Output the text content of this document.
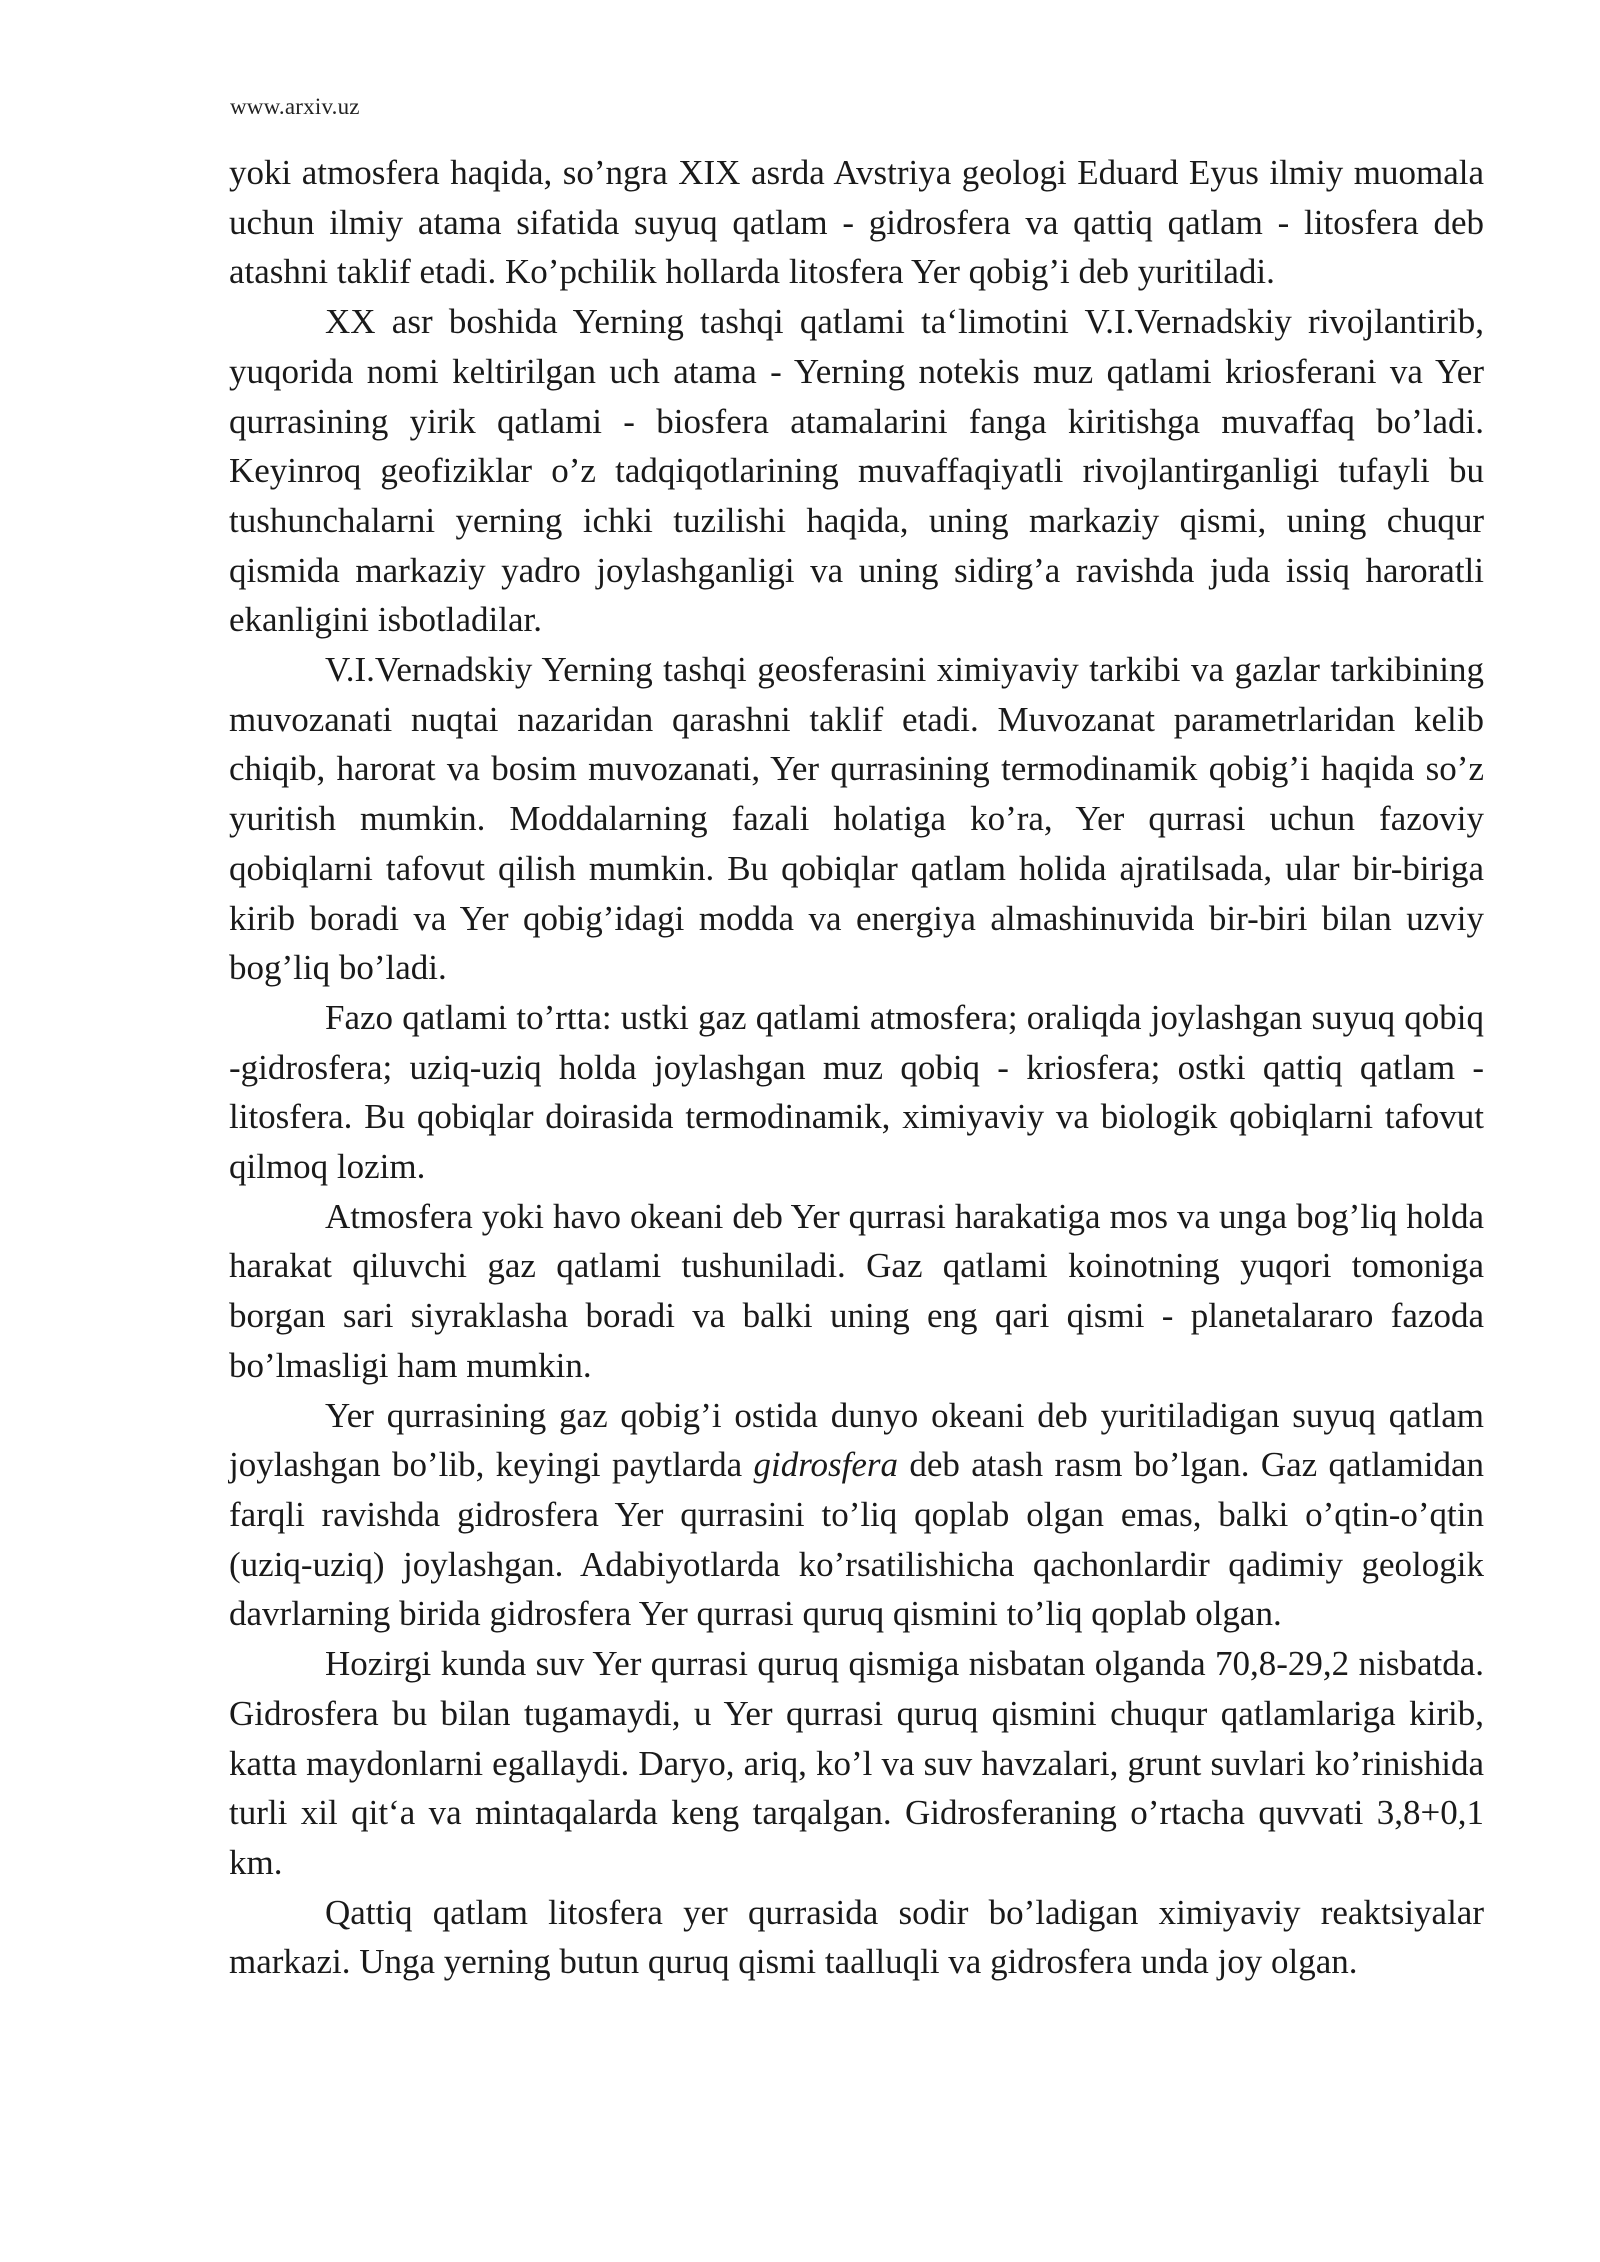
www.arxiv.uz

yoki atmosfera haqida, so’ngra XIX asrda Avstriya geologi Eduard Eyus ilmiy muomala uchun ilmiy atama sifatida suyuq qatlam - gidrosfera va qattiq qatlam - litosfera deb atashni taklif etadi. Ko’pchilik hollarda litosfera Yer qobig’i deb yuritiladi.

XX asr boshida Yerning tashqi qatlami ta‘limotini V.I.Vernadskiy rivojlantirib, yuqorida nomi keltirilgan uch atama - Yerning notekis muz qatlami kriosferani va Yer qurrasining yirik qatlami - biosfera atamalarini fanga kiritishga muvaffaq bo’ladi. Keyinroq geofiziklar o’z tadqiqotlarining muvaffaqiyatli rivojlantirganligi tufayli bu tushunchalarni yerning ichki tuzilishi haqida, uning markaziy qismi, uning chuqur qismida markaziy yadro joylashganligi va uning sidirg’a ravishda juda issiq haroratli ekanligini isbotladilar.

V.I.Vernadskiy Yerning tashqi geosferasini ximiyaviy tarkibi va gazlar tarkibining muvozanati nuqtai nazaridan qarashni taklif etadi. Muvozanat parametrlaridan kelib chiqib, harorat va bosim muvozanati, Yer qurrasining termodinamik qobig’i haqida so’z yuritish mumkin. Moddalarning fazali holatiga ko’ra, Yer qurrasi uchun fazoviy qobiqlarni tafovut qilish mumkin. Bu qobiqlar qatlam holida ajratilsada, ular bir-biriga kirib boradi va Yer qobig’idagi modda va energiya almashinuvida bir-biri bilan uzviy bog’liq bo’ladi.

Fazo qatlami to’rtta: ustki gaz qatlami atmosfera; oraliqda joylashgan suyuq qobiq -gidrosfera; uziq-uziq holda joylashgan muz qobiq - kriosfera; ostki qattiq qatlam - litosfera. Bu qobiqlar doirasida termodinamik, ximiyaviy va biologik qobiqlarni tafovut qilmoq lozim.

Atmosfera yoki havo okeani deb Yer qurrasi harakatiga mos va unga bog’liq holda harakat qiluvchi gaz qatlami tushuniladi. Gaz qatlami koinotning yuqori tomoniga borgan sari siyraklasha boradi va balki uning eng qari qismi - planetalararo fazoda bo’lmasligi ham mumkin.

Yer qurrasining gaz qobig’i ostida dunyo okeani deb yuritiladigan suyuq qatlam joylashgan bo’lib, keyingi paytlarda gidrosfera deb atash rasm bo’lgan. Gaz qatlamidan farqli ravishda gidrosfera Yer qurrasini to’liq qoplab olgan emas, balki o’qtin-o’qtin (uziq-uziq) joylashgan. Adabiyotlarda ko’rsatilishicha qachonlardir qadimiy geologik davrlarning birida gidrosfera Yer qurrasi quruq qismini to’liq qoplab olgan.

Hozirgi kunda suv Yer qurrasi quruq qismiga nisbatan olganda 70,8-29,2 nisbatda. Gidrosfera bu bilan tugamaydi, u Yer qurrasi quruq qismini chuqur qatlamlariga kirib, katta maydonlarni egallaydi. Daryo, ariq, ko’l va suv havzalari, grunt suvlari ko’rinishida turli xil qit‘a va mintaqalarda keng tarqalgan. Gidrosferaning o’rtacha quvvati 3,8+0,1 km.

Qattiq qatlam litosfera yer qurrasida sodir bo’ladigan ximiyaviy reaktsiyalar markazi. Unga yerning butun quruq qismi taalluqli va gidrosfera unda joy olgan.
